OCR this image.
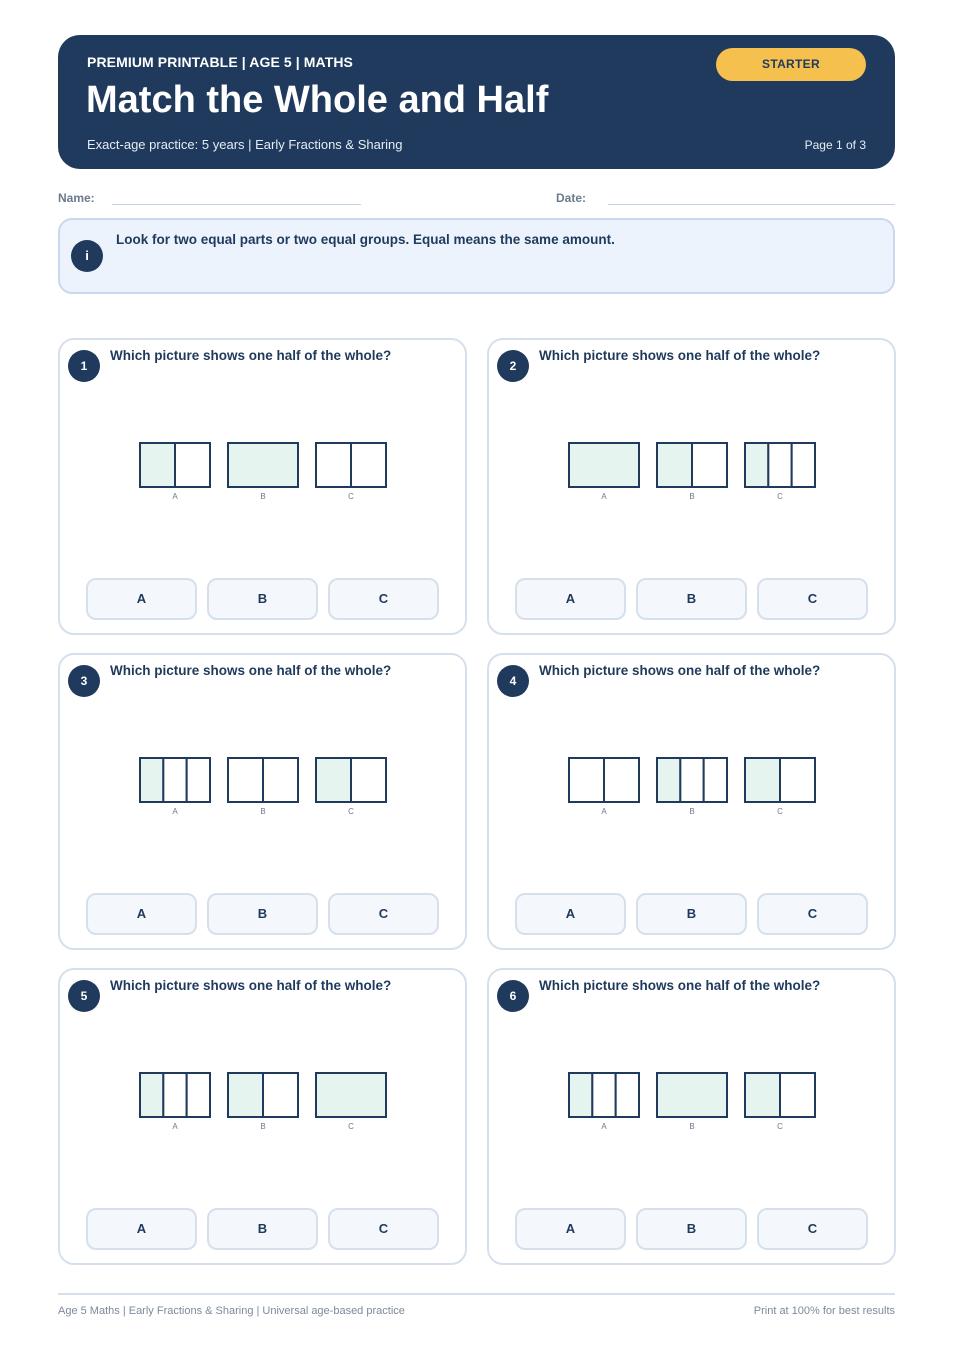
PREMIUM PRINTABLE | AGE 5 | MATHS
Match the Whole and Half
Exact-age practice: 5 years | Early Fractions & Sharing	Page 1 of 3
STARTER
Name:	Date:
i
Look for two equal parts or two equal groups. Equal means the same amount.
1
Which picture shows one half of the whole?
A	B	C
A	B	C
2
Which picture shows one half of the whole?
A	B	C
A	B	C
3
Which picture shows one half of the whole?
A	B	C
A	B	C
4
Which picture shows one half of the whole?
A	B	C
A	B	C
5
Which picture shows one half of the whole?
A	B	C
A	B	C
6
Which picture shows one half of the whole?
A	B	C
A	B	C
Age 5 Maths | Early Fractions & Sharing | Universal age-based practice	Print at 100% for best results
